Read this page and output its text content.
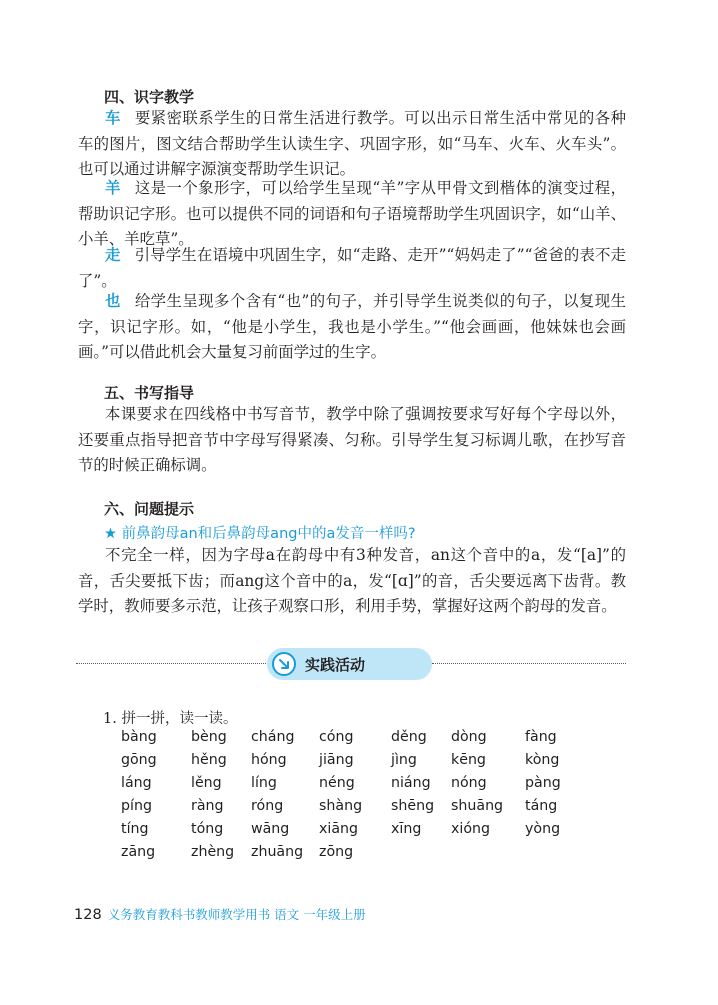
四、识字教学
车 要紧密联系学生的日常生活进行教学。可以出示日常生活中常见的各种车的图片，图文结合帮助学生认读生字、巩固字形，如“马车、火车、火车头”。也可以通过讲解字源演变帮助学生识记。
羊 这是一个象形字，可以给学生呈现“羊”字从甲骨文到楷体的演变过程，帮助识记字形。也可以提供不同的词语和句子语境帮助学生巩固识字，如“山羊、小羊、羊吃草”。
走 引导学生在语境中巩固生字，如“走路、走开”“妈妈走了”“爸爸的表不走了”。
也 给学生呈现多个含有“也”的句子，并引导学生说类似的句子，以复现生字，识记字形。如，“他是小学生，我也是小学生。”“他会画画，他妹妹也会画画。”可以借此机会大量复习前面学过的生字。
五、书写指导
本课要求在四线格中书写音节，教学中除了强调按要求写好每个字母以外，还要重点指导把音节中字母写得紧凑、匀称。引导学生复习标调儿歌，在抄写音节的时候正确标调。
六、问题提示
★ 前鼻韵母an和后鼻韵母ang中的a发音一样吗?
不完全一样，因为字母a在韵母中有3种发音，an这个音中的a，发“[a]”的音，舌尖要抵下齿；而ang这个音中的a，发“[ɑ]”的音，舌尖要远离下齿背。教学时，教师要多示范，让孩子观察口形，利用手势，掌握好这两个韵母的发音。
实践活动
1. 拼一拼，读一读。
bàng bèng cháng cóng	děng dòng	fàng
gōng hěng hóng jiāng	jìng kēng	kòng
láng	lěng líng	néng	niáng nóng	pàng
píng	ràng róng	shàng shēng shuāng táng
tíng	tóng wāng xiāng xīng xióng yòng
zāng	zhèng zhuāng zōng
128 义务教育教科书教师教学用书 语文 一年级上册
